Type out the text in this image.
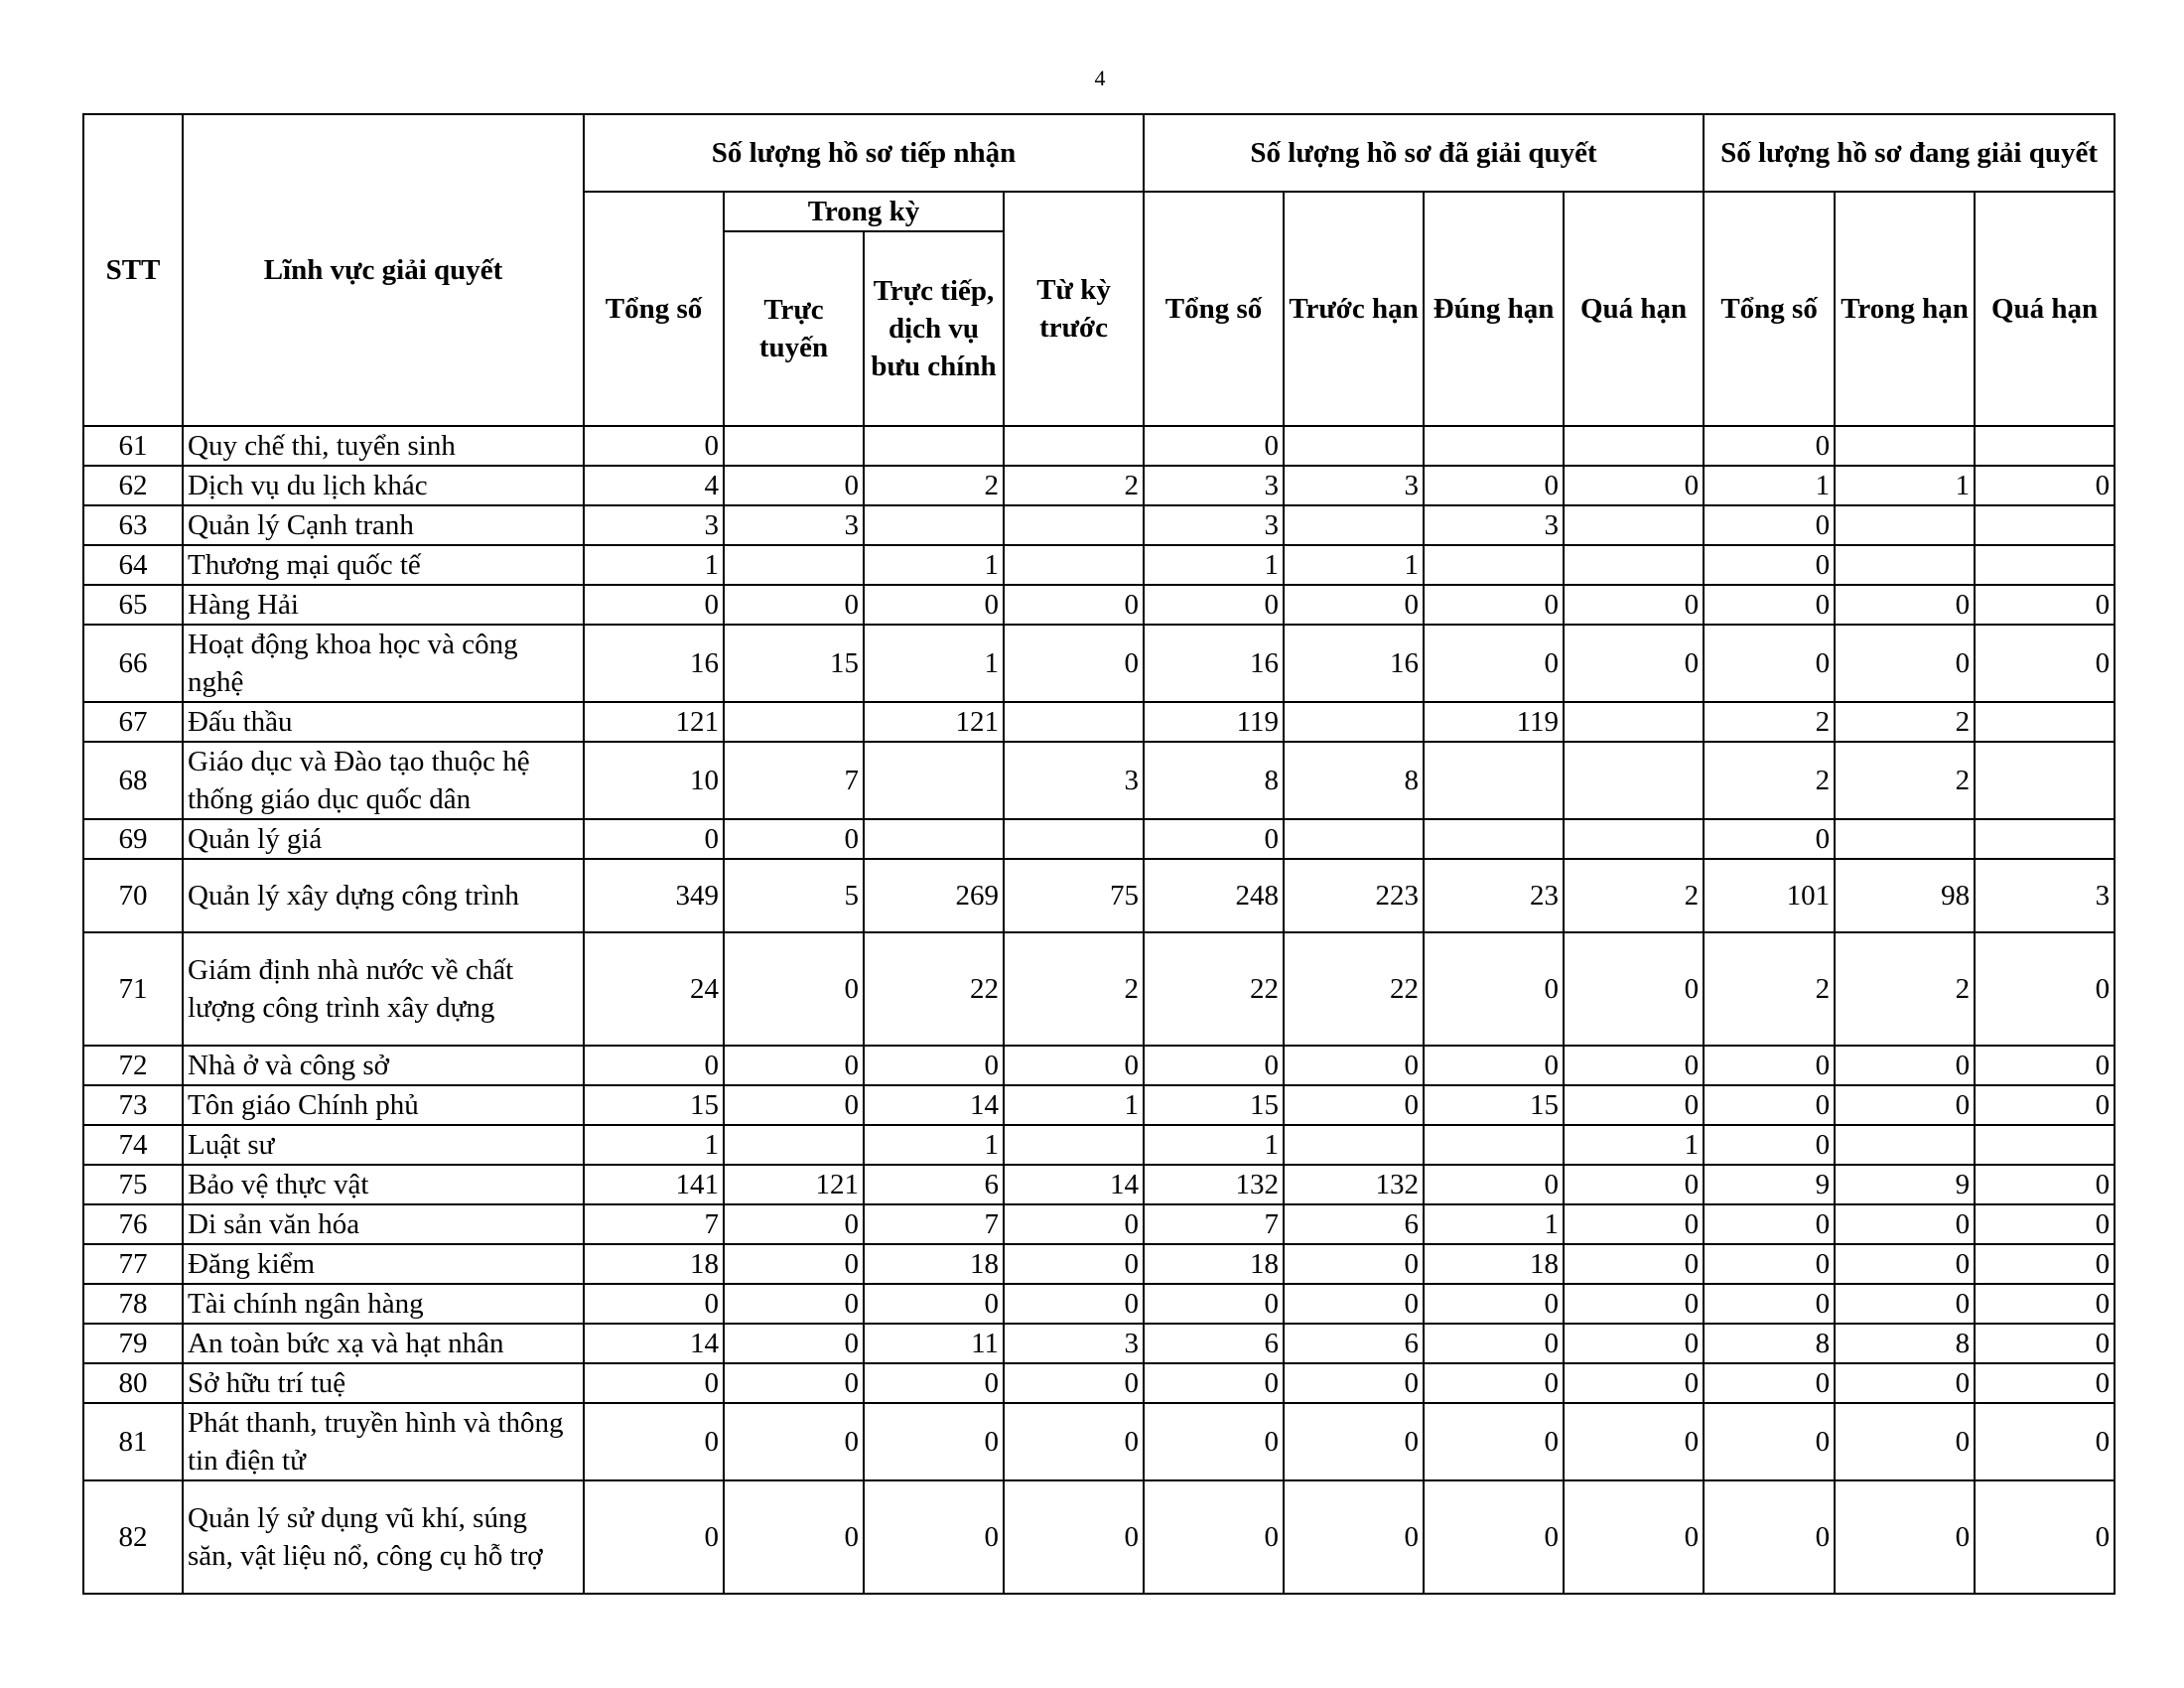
4
STT	Lĩnh vực giải quyết	Số lượng hồ sơ tiếp nhận				Số lượng hồ sơ đã giải quyết				Số lượng hồ sơ đang giải quyết		
		Tổng số	Trong kỳ		Từ kỳ trước	Tổng số	Trước hạn	Đúng hạn	Quá hạn	Tổng số	Trong hạn	Quá hạn
			Trực tuyến	Trực tiếp, dịch vụ bưu chính								
61	Quy chế thi, tuyển sinh	0				0				0		
62	Dịch vụ du lịch khác	4	0	2	2	3	3	0	0	1	1	0
63	Quản lý Cạnh tranh	3	3			3		3		0		
64	Thương mại quốc tế	1		1		1	1			0		
65	Hàng Hải	0	0	0	0	0	0	0	0	0	0	0
66	Hoạt động khoa học và công nghệ	16	15	1	0	16	16	0	0	0	0	0
67	Đấu thầu	121		121		119		119		2	2	
68	Giáo dục và Đào tạo thuộc hệ thống giáo dục quốc dân	10	7		3	8	8			2	2	
69	Quản lý giá	0	0			0				0		
70	Quản lý xây dựng công trình	349	5	269	75	248	223	23	2	101	98	3
71	Giám định nhà nước về chất lượng công trình xây dựng	24	0	22	2	22	22	0	0	2	2	0
72	Nhà ở và công sở	0	0	0	0	0	0	0	0	0	0	0
73	Tôn giáo Chính phủ	15	0	14	1	15	0	15	0	0	0	0
74	Luật sư	1		1		1			1	0		
75	Bảo vệ thực vật	141	121	6	14	132	132	0	0	9	9	0
76	Di sản văn hóa	7	0	7	0	7	6	1	0	0	0	0
77	Đăng kiểm	18	0	18	0	18	0	18	0	0	0	0
78	Tài chính ngân hàng	0	0	0	0	0	0	0	0	0	0	0
79	An toàn bức xạ và hạt nhân	14	0	11	3	6	6	0	0	8	8	0
80	Sở hữu trí tuệ	0	0	0	0	0	0	0	0	0	0	0
81	Phát thanh, truyền hình và thông tin điện tử	0	0	0	0	0	0	0	0	0	0	0
82	Quản lý sử dụng vũ khí, súng săn, vật liệu nổ, công cụ hỗ trợ	0	0	0	0	0	0	0	0	0	0	0
